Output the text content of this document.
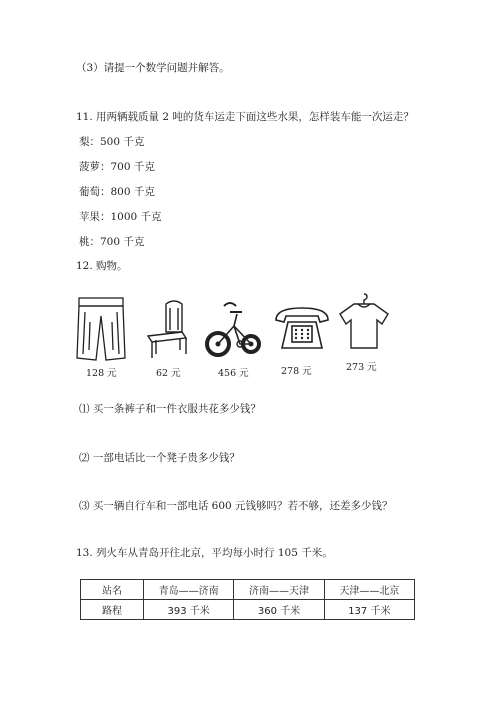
（3）请提一个数学问题并解答。
11. 用两辆载质量 2 吨的货车运走下面这些水果，怎样装车能一次运走？
梨：500 千克
菠萝：700 千克
葡萄：800 千克
苹果：1000 千克
桃：700 千克
12. 购物。
128 元	62 元	456 元	278 元	273 元
⑴ 买一条裤子和一件衣服共花多少钱？
⑵ 一部电话比一个凳子贵多少钱？
⑶ 买一辆自行车和一部电话 600 元钱够吗？若不够，还差多少钱？
13. 列火车从青岛开往北京，平均每小时行 105 千米。
站名	青岛——济南	济南——天津	天津——北京
路程	393 千米	360 千米	137 千米
